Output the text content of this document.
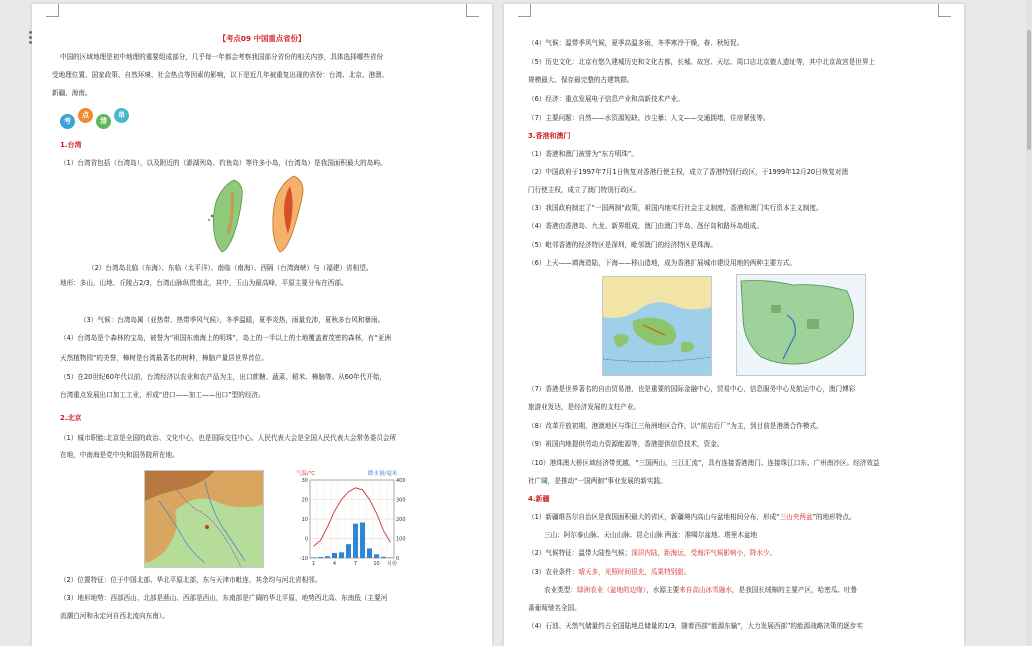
【考点09 中国重点省份】
中国的区域地理是初中地理的重要组成部分，几乎每一年都会考察我国部分省份的相关内容，具体选择哪些省份
受地理位置、国家政策、自然环境、社会热点等因素的影响，以下是近几年被重复出现的省份：台湾、北京、港澳、
新疆、海南。
考
点
清
单
1.台湾
（1）台湾省包括（台湾岛），以及附近的（澎湖列岛、钓鱼岛）等许多小岛，(台湾岛）是我国面积最大的岛屿。
（2）台湾岛北临（东海）、东临（太平洋）、南临（南海）、西隔（台湾海峡）与（福建）省相望。
地形：多山，山地、丘陵占2/3，台湾山脉纵贯南北，其中，玉山为最高峰，平原主要分布在西部。
（3）气候：台湾岛属（亚热带、热带季风气候），冬季温暖，夏季炎热，雨量充沛，夏秋多台风和暴雨。
（4）台湾岛是个森林的宝岛，被誉为“祖国东南海上的明珠”，岛上的一半以上的土地覆盖着茂密的森林，有“亚洲
天然植物园”的美誉，樟树是台湾最著名的树种，樟脑产量居世界首位。
（5）在20世纪60年代以前，台湾经济以农业和农产品为主，出口蔗糖、蔬菜、稻米、樟脑等。从60年代开始，
台湾重点发展出口加工工业，形成“进口——加工——出口”型的经济。
2.北京
（1）城市职能:北京是全国的政治、文化中心，也是国际交往中心。人民代表大会是全国人民代表大会常务委员会所
在地，中南海是党中央和国务院所在地。
气温/℃	降水量/毫米
30
20
10
0
-10
400
300
200
100
0
1	4	7	10 月份
（2）位置特征：位于中国北部、华北平原北部，东与天津市毗连，其余均与河北省相邻。
（3）地形地势：西部西山、北部是燕山、西部是西山，东南部是广阔的华北平原，地势西北高、东南低（主要河
流潮白河和永定河自西北流向东南）。
（4）气候：温带季风气候，夏季高温多雨，冬季寒冷干燥，春、秋短促。
（5）历史文化：北京有悠久建城历史和文化古都，长城、故宫、天坛、周口店北京猿人遗址等，其中北京故宫是世界上
规模最大、保存最完整的古建筑群。
（6）经济：重点发展电子信息产业和高新技术产业。
（7）主要问题：自然——水资源短缺、沙尘暴；人文——交通拥堵，住房紧张等。
3.香港和澳门
（1）香港和澳门被誉为“东方明珠”。
（2）中国政府于1997年7月1日恢复对香港行使主权，成立了香港特别行政区，于1999年12月20日恢复对澳
门行使主权，成立了澳门特别行政区。
（3）我国政府制定了“一国两制”政策，祖国内地实行社会主义制度，香港和澳门实行资本主义制度。
（4）香港由香港岛、九龙、新界组成，澳门由澳门半岛、氹仔岛和路环岛组成。
（5）毗邻香港的经济特区是深圳，毗邻澳门的经济特区是珠海。
（6）上天——填海造陆，下海——移山造地，成为香港扩展城市建设用地的两种主要方式。
（7）香港是世界著名的自由贸易港，也是重要的国际金融中心，贸易中心，信息服务中心及航运中心，澳门博彩
旅游业发达，是经济发展的支柱产业。
（8）改革开放初期，港澳地区与珠江三角洲地区合作，以“前店后厂”为主，到目前是港澳合作模式。
（9）祖国内地提供劳动力资源能源等，香港提供信息技术，资金。
（10）港珠澳大桥区域经济带优越，“三国两山，三江汇流”，具有连接香港澳门、连接珠江口东、广州南沙区。经济效益
社广阔，是推动“一国两制”事业发展的新实践。
4.新疆
（1）新疆维吾尔自治区是我国面积最大的省区，新疆境内高山与盆地相间分布，形成“三山夹两盆”的地形特点。
三山：阿尔泰山脉、天山山脉、昆仑山脉 两盆：准噶尔盆地、塔里木盆地
（2）气候特征：温带大陆性气候；深居内陆，距海远，受海洋气候影响小，降水少。
（3）农业条件：晴天多，光照时间很充，瓜果特别甜。
农业类型：绿洲农业（盆地的边缘），水源主要来自高山冰雪融水，是我国长绒棉的主要产区，哈密瓜、吐鲁
番葡萄驰名全国。
（4）石油、天然气储量约占全国陆地总储量的1/3，随着西部“能源东输”，大力发展西部”的能源战略决策的逐步实
